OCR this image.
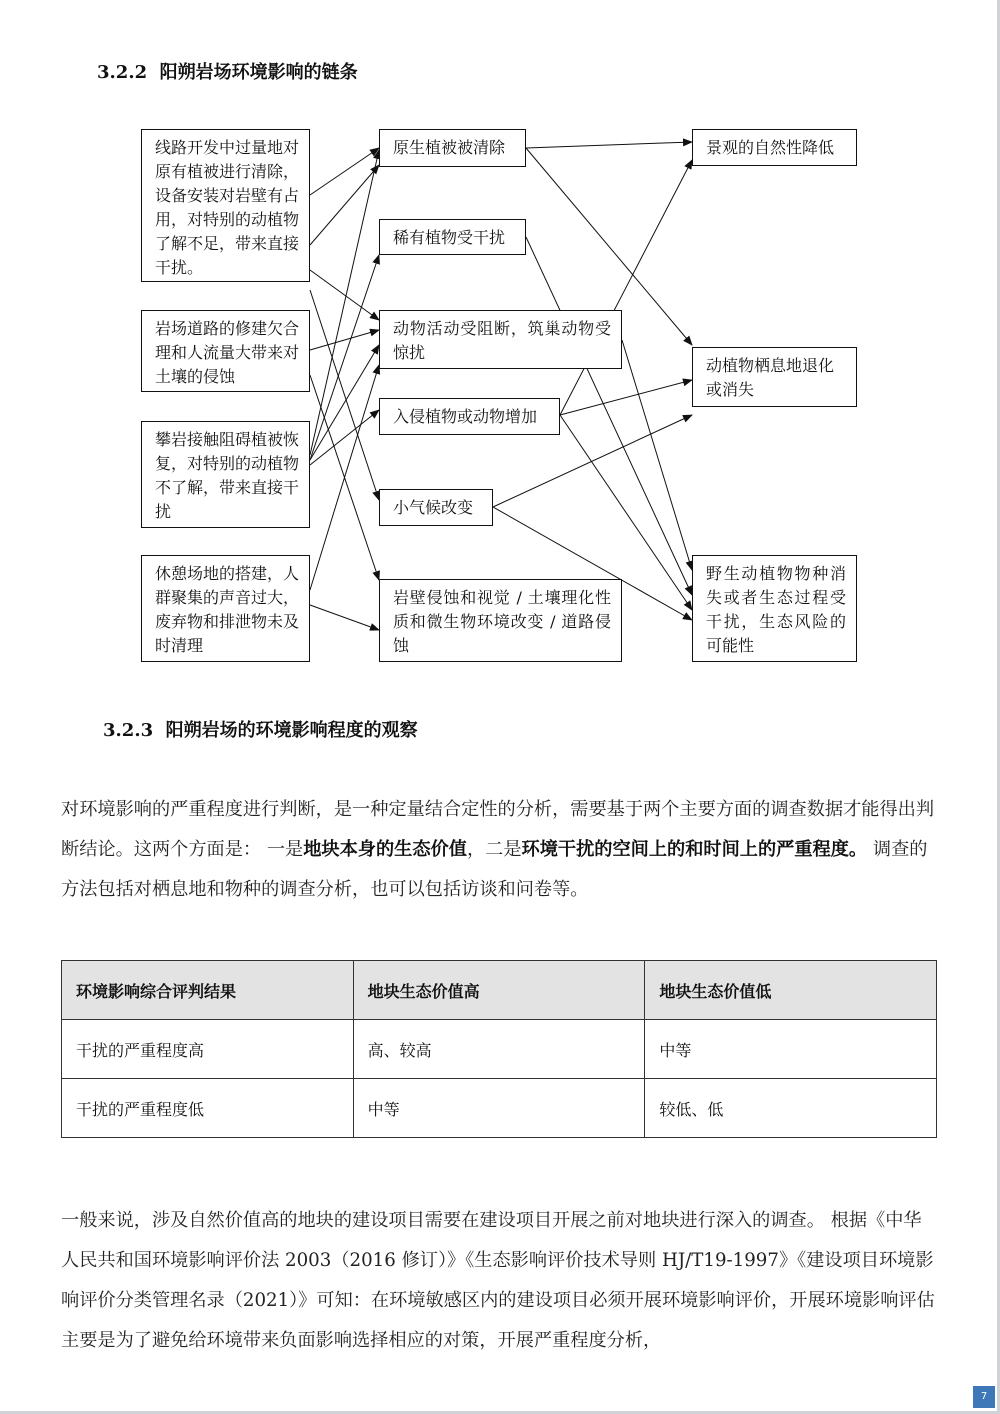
3.2.2 阳朔岩场环境影响的链条
线路开发中过量地对原有植被进行清除，设备安装对岩壁有占用，对特别的动植物了解不足，带来直接干扰。
岩场道路的修建欠合理和人流量大带来对土壤的侵蚀
攀岩接触阻碍植被恢复，对特别的动植物不了解，带来直接干扰
休憩场地的搭建，人群聚集的声音过大，废弃物和排泄物未及时清理
原生植被被清除
稀有植物受干扰
动物活动受阻断，筑巢动物受惊扰
入侵植物或动物增加
小气候改变
岩壁侵蚀和视觉 / 土壤理化性质和微生物环境改变 / 道路侵蚀
景观的自然性降低
动植物栖息地退化或消失
野生动植物物种消失或者生态过程受干扰，生态风险的可能性
3.2.3 阳朔岩场的环境影响程度的观察
对环境影响的严重程度进行判断，是一种定量结合定性的分析，需要基于两个主要方面的调查数据才能得出判断结论。这两个方面是： 一是地块本身的生态价值，二是环境干扰的空间上的和时间上的严重程度。 调查的方法包括对栖息地和物种的调查分析，也可以包括访谈和问卷等。
环境影响综合评判结果	地块生态价值高	地块生态价值低
干扰的严重程度高	高、较高	中等
干扰的严重程度低	中等	较低、低
一般来说，涉及自然价值高的地块的建设项目需要在建设项目开展之前对地块进行深入的调查。 根据《中华人民共和国环境影响评价法 2003（2016 修订）》《生态影响评价技术导则 HJ/T19-1997》《建设项目环境影响评价分类管理名录（2021）》可知：在环境敏感区内的建设项目必须开展环境影响评价，开展环境影响评估主要是为了避免给环境带来负面影响选择相应的对策，开展严重程度分析，
7
